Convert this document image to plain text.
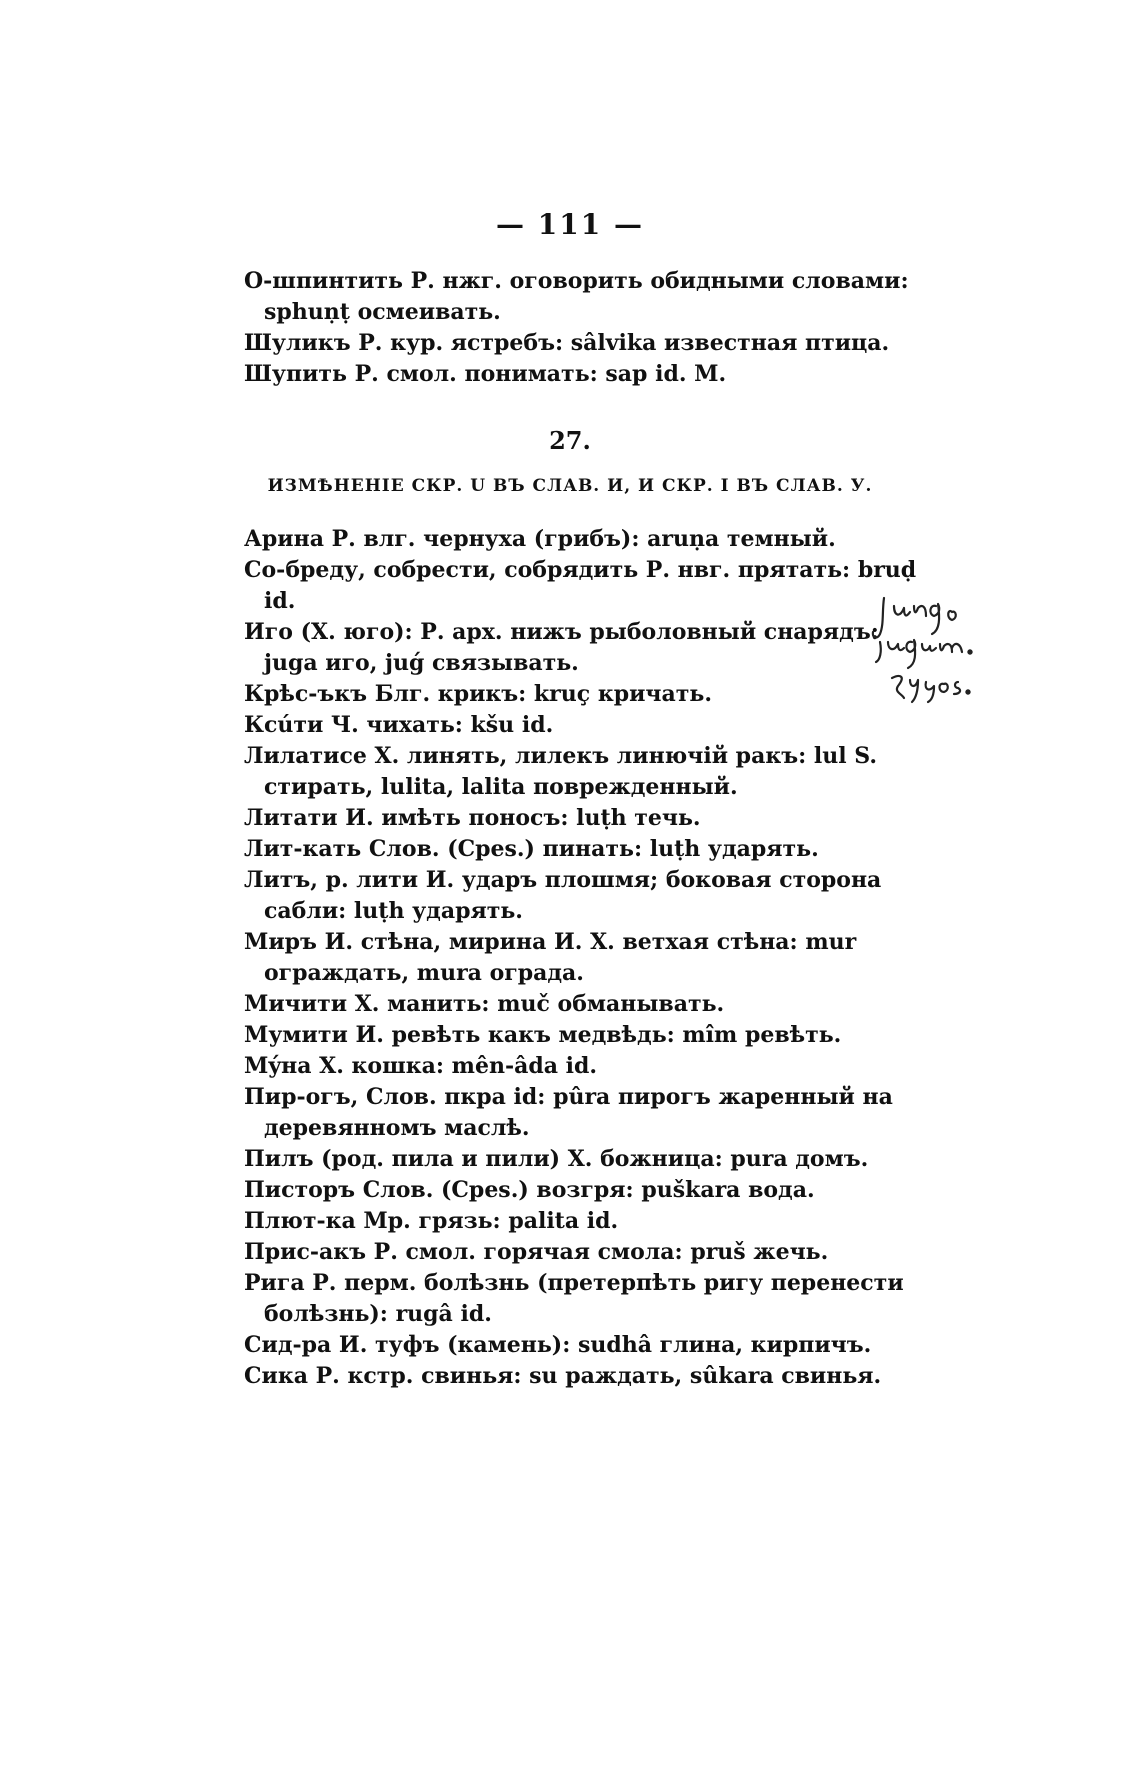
— 111 —

О-шпинтить Р. нжг. оговорить обидными словами: sphuṇṭ осмеивать.

Шуликъ Р. кур. ястребъ: sâlvika известная птица.

Шупить Р. смол. понимать: sap id. М.

27.
ИЗМѢНЕНІЕ СКР. U ВЪ СЛАВ. И, И СКР. I ВЪ СЛАВ. У.

Арина Р. влг. чернуха (грибъ): aruṇa темный.

Со-бреду, собрести, собрядить Р. нвг. прятать: bruḍ id.

Иго (Х. юго): Р. арх. нижъ рыболовный снарядъ: juga иго, juǵ связывать.

Крѣс-ъкъ Блг. крикъ: kruç кричать.

Ксúти Ч. чихать: kšu id.

Лилатисе Х. линять, лилекъ линючій ракъ: lul S. стирать, lulita, lalita поврежденный.

Литати И. имѣть поносъ: luṭh течь.

Лит-кать Слов. (Среs.) пинать: luṭh ударять.

Литъ, р. лити И. ударъ плошмя; боковая сторона сабли: luṭh ударять.

Миръ И. стѣна, мирина И. Х. ветхая стѣна: mur ограждать, mura ограда.

Мичити Х. манить: muč обманывать.

Мумити И. ревѣть какъ медвѣдь: mîm ревѣть.

Мýна Х. кошка: mên-âda id.

Пир-огъ, Слов. пкра id: pûra пирогъ жаренный на деревянномъ маслѣ.

Пилъ (род. пила и пили) Х. божница: pura домъ.

Писторъ Слов. (Среs.) возгря: puškara вода.

Плют-ка Мр. грязь: palita id.

Прис-акъ Р. смол. горячая смола: pruš жечь.

Рига Р. перм. болѣзнь (претерпѣть ригу перенести болѣзнь): rugâ id.

Сид-ра И. туфъ (камень): sudhâ глина, кирпичъ.

Сика Р. кстр. свинья: su раждать, sûkara свинья.
